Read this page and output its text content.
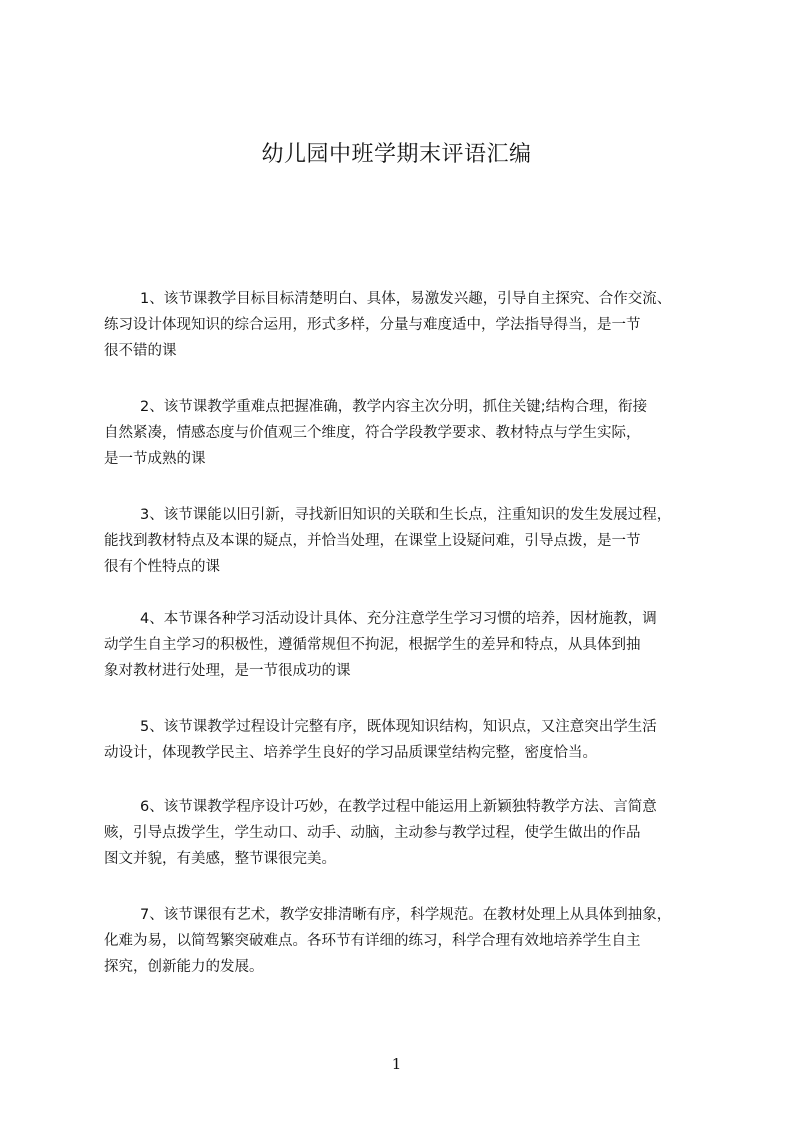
幼儿园中班学期末评语汇编
1、该节课教学目标目标清楚明白、具体，易激发兴趣，引导自主探究、合作交流、
练习设计体现知识的综合运用，形式多样，分量与难度适中，学法指导得当，是一节
很不错的课
2、该节课教学重难点把握准确，教学内容主次分明，抓住关键;结构合理，衔接
自然紧凑，情感态度与价值观三个维度，符合学段教学要求、教材特点与学生实际，
是一节成熟的课
3、该节课能以旧引新，寻找新旧知识的关联和生长点，注重知识的发生发展过程，
能找到教材特点及本课的疑点，并恰当处理，在课堂上设疑问难，引导点拨，是一节
很有个性特点的课
4、本节课各种学习活动设计具体、充分注意学生学习习惯的培养，因材施教，调
动学生自主学习的积极性，遵循常规但不拘泥，根据学生的差异和特点，从具体到抽
象对教材进行处理，是一节很成功的课
5、该节课教学过程设计完整有序，既体现知识结构，知识点，又注意突出学生活
动设计，体现教学民主、培养学生良好的学习品质课堂结构完整，密度恰当。
6、该节课教学程序设计巧妙，在教学过程中能运用上新颖独特教学方法、言简意
赅，引导点拨学生，学生动口、动手、动脑，主动参与教学过程，使学生做出的作品
图文并貌，有美感，整节课很完美。
7、该节课很有艺术，教学安排清晰有序，科学规范。在教材处理上从具体到抽象，
化难为易，以简驾繁突破难点。各环节有详细的练习，科学合理有效地培养学生自主
探究，创新能力的发展。
1
